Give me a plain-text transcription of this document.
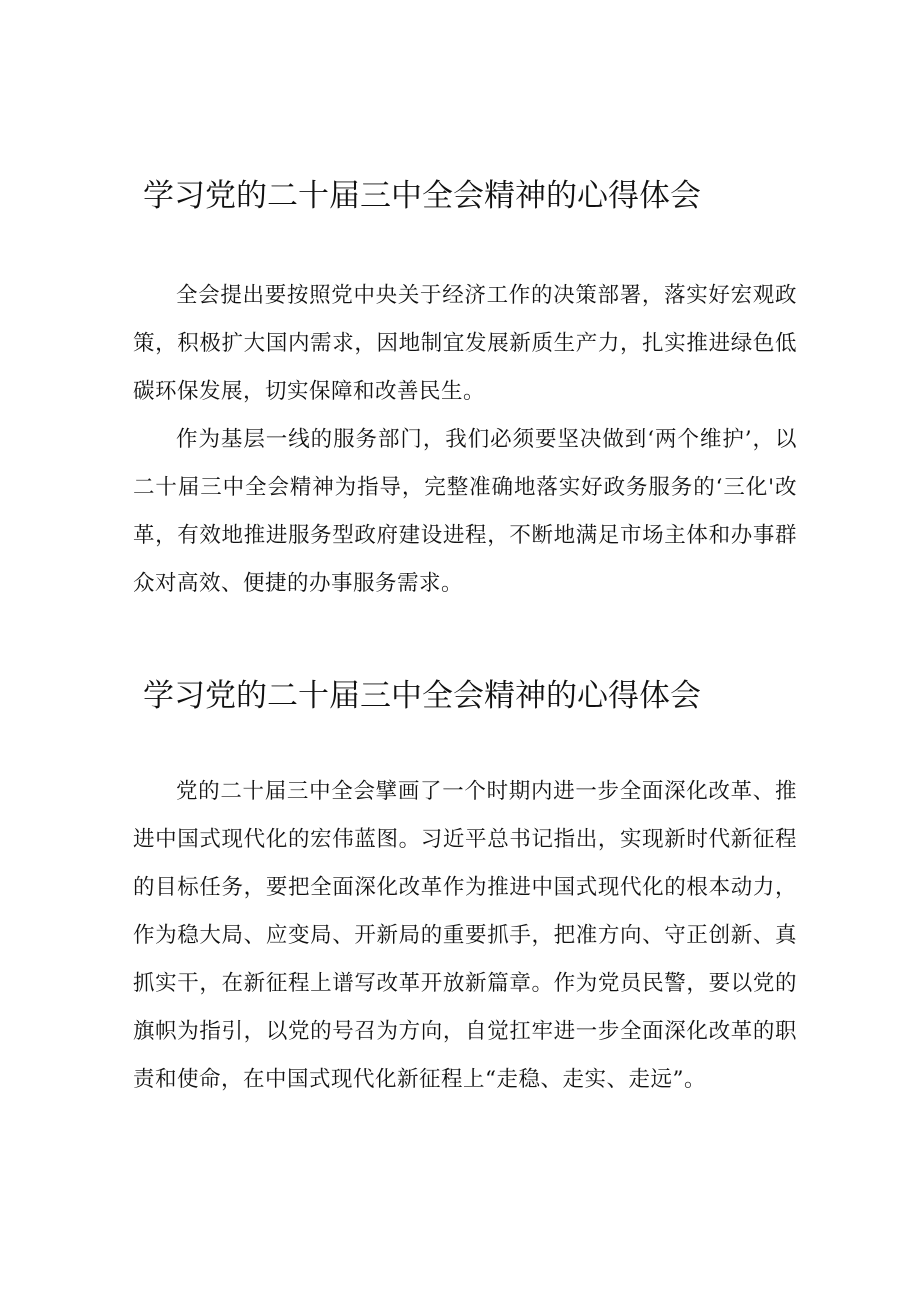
学习党的二十届三中全会精神的心得体会

全会提出要按照党中央关于经济工作的决策部署，落实好宏观政策，积极扩大国内需求，因地制宜发展新质生产力，扎实推进绿色低碳环保发展，切实保障和改善民生。

作为基层一线的服务部门，我们必须要坚决做到‘两个维护’，以二十届三中全会精神为指导，完整准确地落实好政务服务的‘三化'改革，有效地推进服务型政府建设进程，不断地满足市场主体和办事群众对高效、便捷的办事服务需求。

学习党的二十届三中全会精神的心得体会

党的二十届三中全会擘画了一个时期内进一步全面深化改革、推进中国式现代化的宏伟蓝图。习近平总书记指出，实现新时代新征程的目标任务，要把全面深化改革作为推进中国式现代化的根本动力，作为稳大局、应变局、开新局的重要抓手，把准方向、守正创新、真抓实干，在新征程上谱写改革开放新篇章。作为党员民警，要以党的旗帜为指引，以党的号召为方向，自觉扛牢进一步全面深化改革的职责和使命，在中国式现代化新征程上“走稳、走实、走远”。
